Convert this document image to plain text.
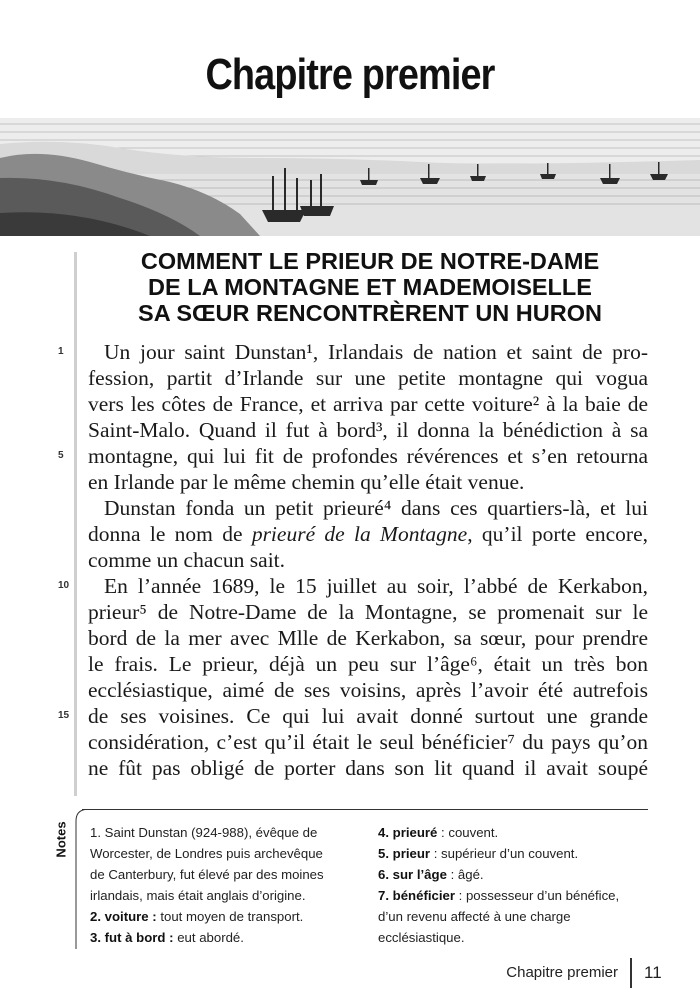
Chapitre premier
COMMENT LE PRIEUR DE NOTRE-DAME
DE LA MONTAGNE ET MADEMOISELLE
SA SŒUR RENCONTRÈRENT UN HURON
Un jour saint Dunstan¹, Irlandais de nation et saint de pro-
fession, partit d’Irlande sur une petite montagne qui vogua
vers les côtes de France, et arriva par cette voiture² à la baie de
Saint-Malo. Quand il fut à bord³, il donna la bénédiction à sa
montagne, qui lui fit de profondes révérences et s’en retourna
en Irlande par le même chemin qu’elle était venue.
Dunstan fonda un petit prieuré⁴ dans ces quartiers-là, et lui
donna le nom de prieuré de la Montagne, qu’il porte encore,
comme un chacun sait.
En l’année 1689, le 15 juillet au soir, l’abbé de Kerkabon,
prieur⁵ de Notre-Dame de la Montagne, se promenait sur le
bord de la mer avec Mlle de Kerkabon, sa sœur, pour prendre
le frais. Le prieur, déjà un peu sur l’âge⁶, était un très bon
ecclésiastique, aimé de ses voisins, après l’avoir été autrefois
de ses voisines. Ce qui lui avait donné surtout une grande
considération, c’est qu’il était le seul bénéficier⁷ du pays qu’on
ne fût pas obligé de porter dans son lit quand il avait soupé
1
5
10
15
Notes 1. Saint Dunstan (924-988), évêque de
Worcester, de Londres puis archevêque
de Canterbury, fut élevé par des moines
irlandais, mais était anglais d’origine.
2. voiture : tout moyen de transport.
3. fut à bord : eut abordé.
4. prieuré : couvent.
5. prieur : supérieur d’un couvent.
6. sur l’âge : âgé.
7. bénéficier : possesseur d’un bénéfice,
d’un revenu affecté à une charge
ecclésiastique.
Chapitre premier 11
